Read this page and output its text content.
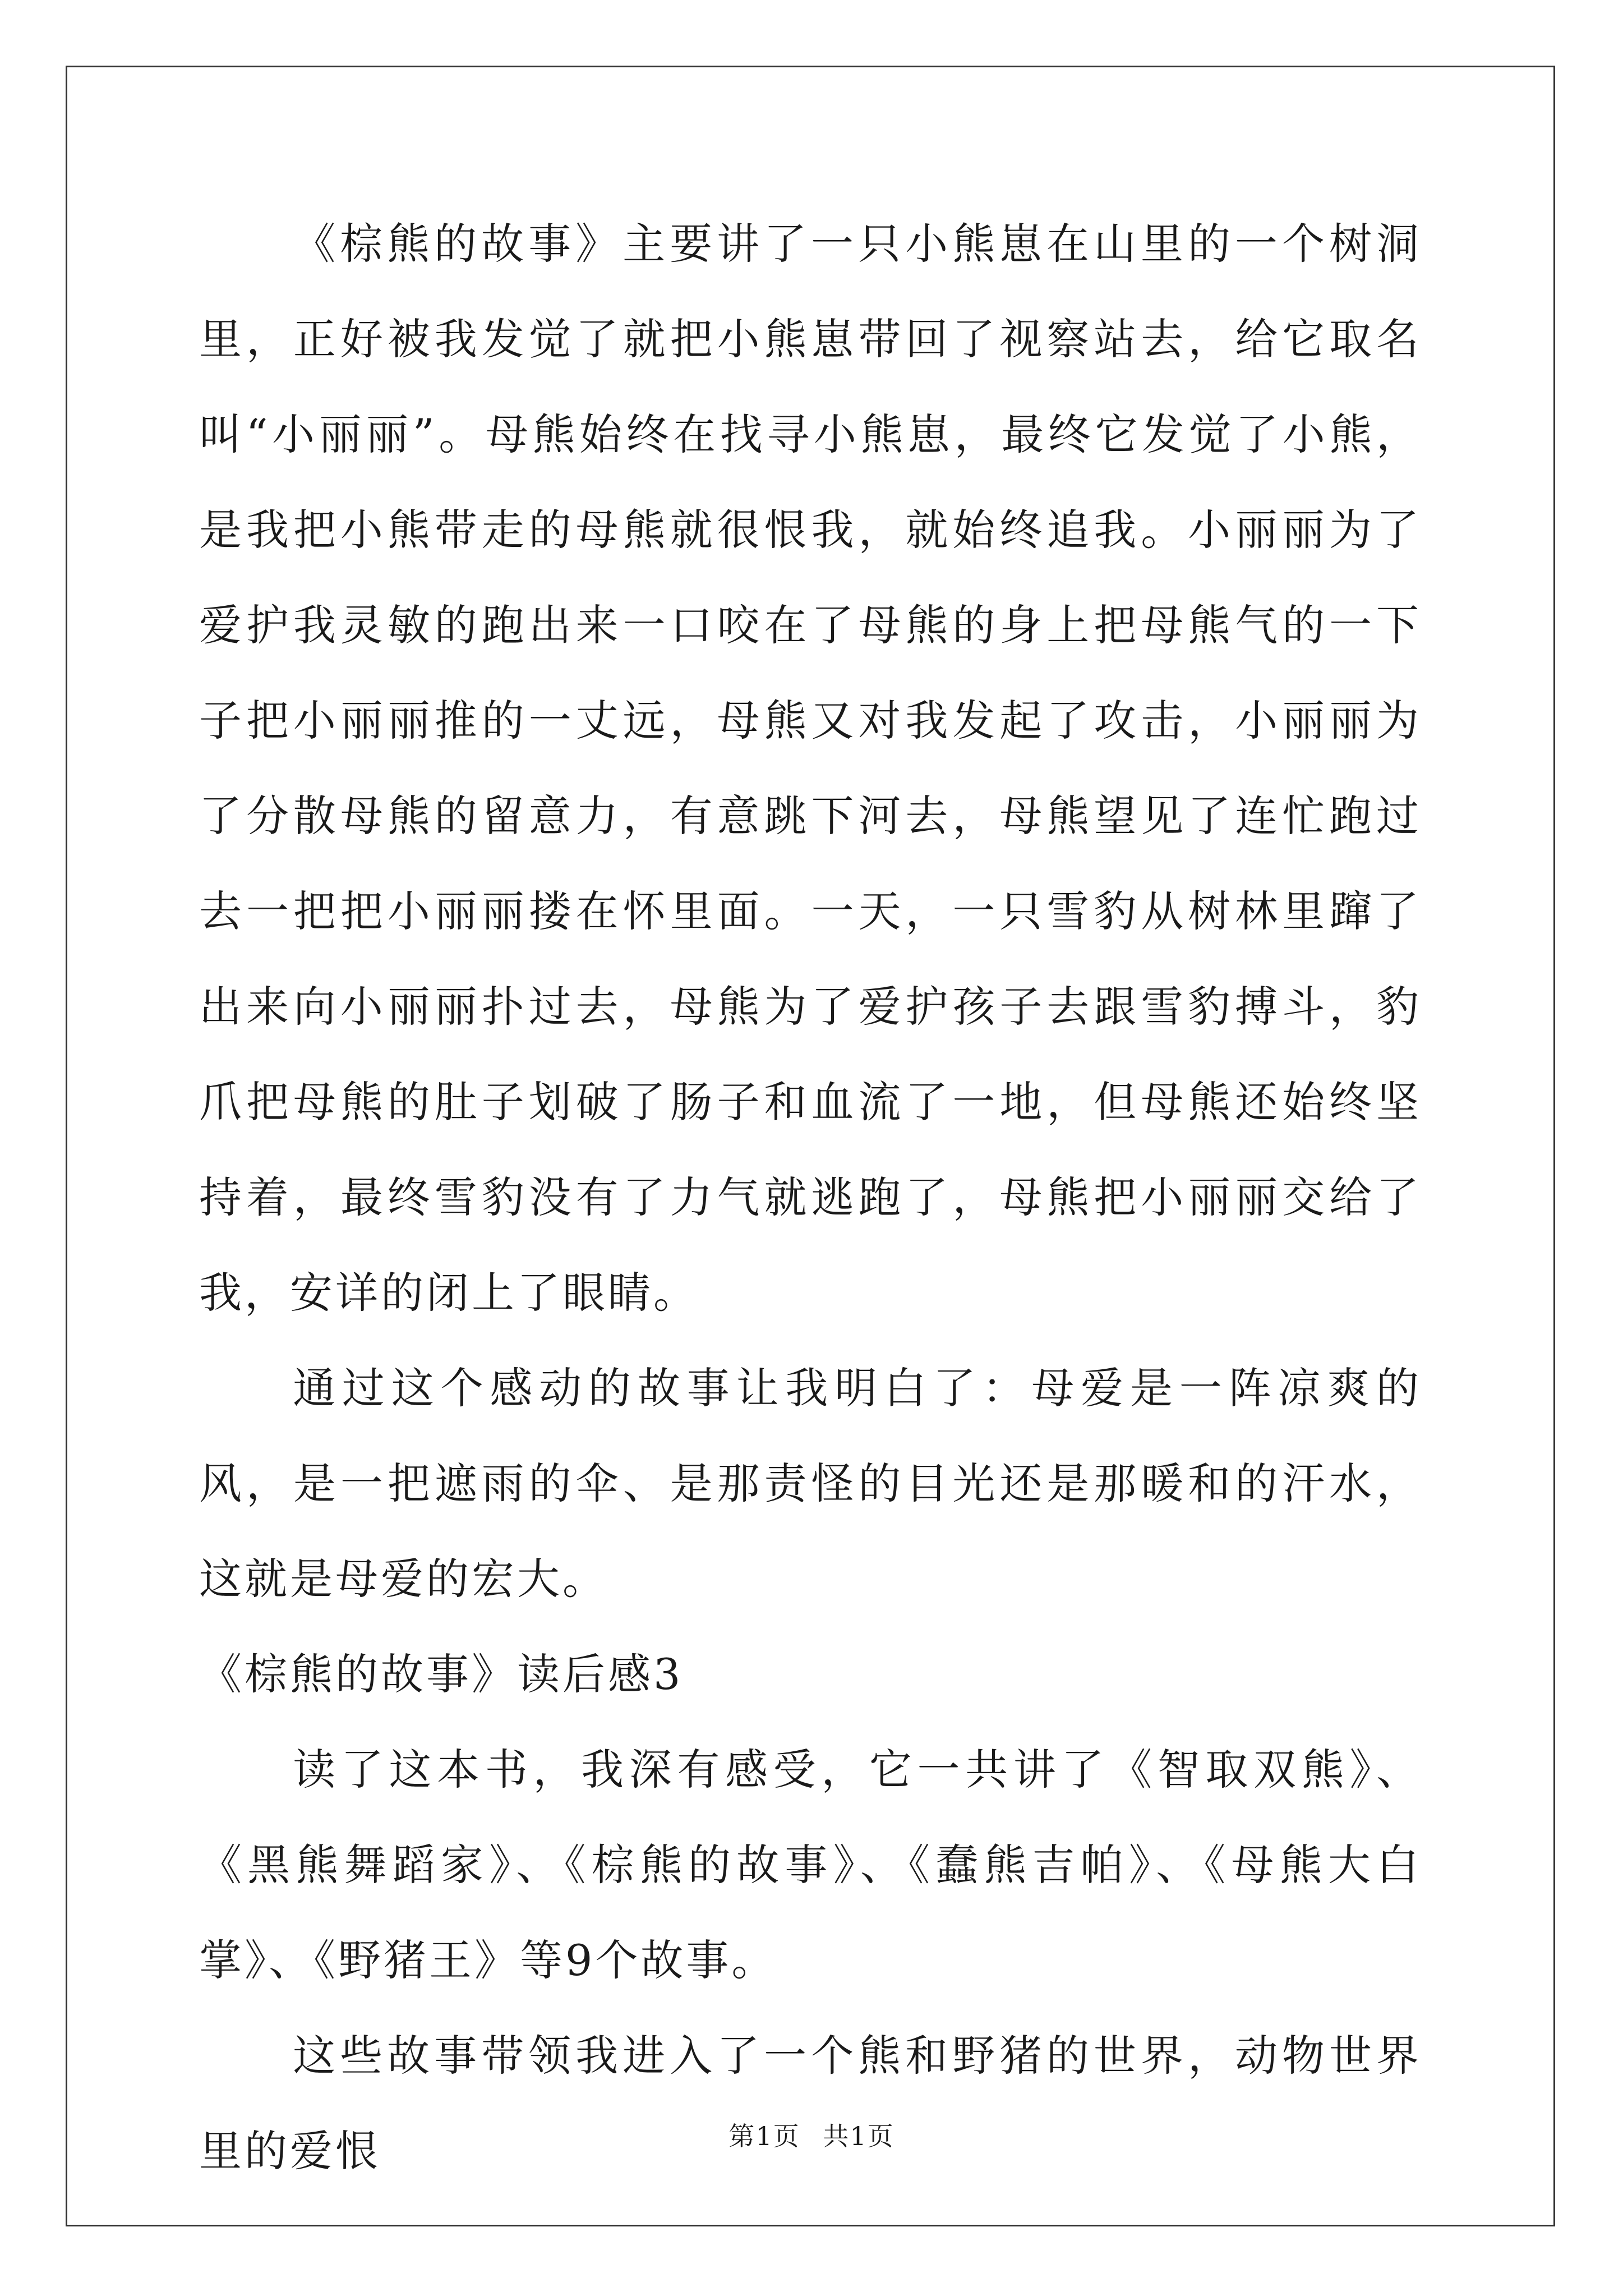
《棕熊的故事》主要讲了一只小熊崽在山里的一个树洞里，正好被我发觉了就把小熊崽带回了视察站去，给它取名叫“小丽丽”。母熊始终在找寻小熊崽，最终它发觉了小熊，是我把小熊带走的母熊就很恨我，就始终追我。小丽丽为了爱护我灵敏的跑出来一口咬在了母熊的身上把母熊气的一下子把小丽丽推的一丈远，母熊又对我发起了攻击，小丽丽为了分散母熊的留意力，有意跳下河去，母熊望见了连忙跑过去一把把小丽丽搂在怀里面。一天，一只雪豹从树林里蹿了出来向小丽丽扑过去，母熊为了爱护孩子去跟雪豹搏斗，豹爪把母熊的肚子划破了肠子和血流了一地，但母熊还始终坚持着，最终雪豹没有了力气就逃跑了，母熊把小丽丽交给了我，安详的闭上了眼睛。

通过这个感动的故事让我明白了：母爱是一阵凉爽的风，是一把遮雨的伞、是那责怪的目光还是那暖和的汗水，这就是母爱的宏大。

《棕熊的故事》读后感3

读了这本书，我深有感受，它一共讲了《智取双熊》、《黑熊舞蹈家》、《棕熊的故事》、《蠢熊吉帕》、《母熊大白掌》、《野猪王》等9个故事。

这些故事带领我进入了一个熊和野猪的世界，动物世界里的爱恨	第1页 共1页
